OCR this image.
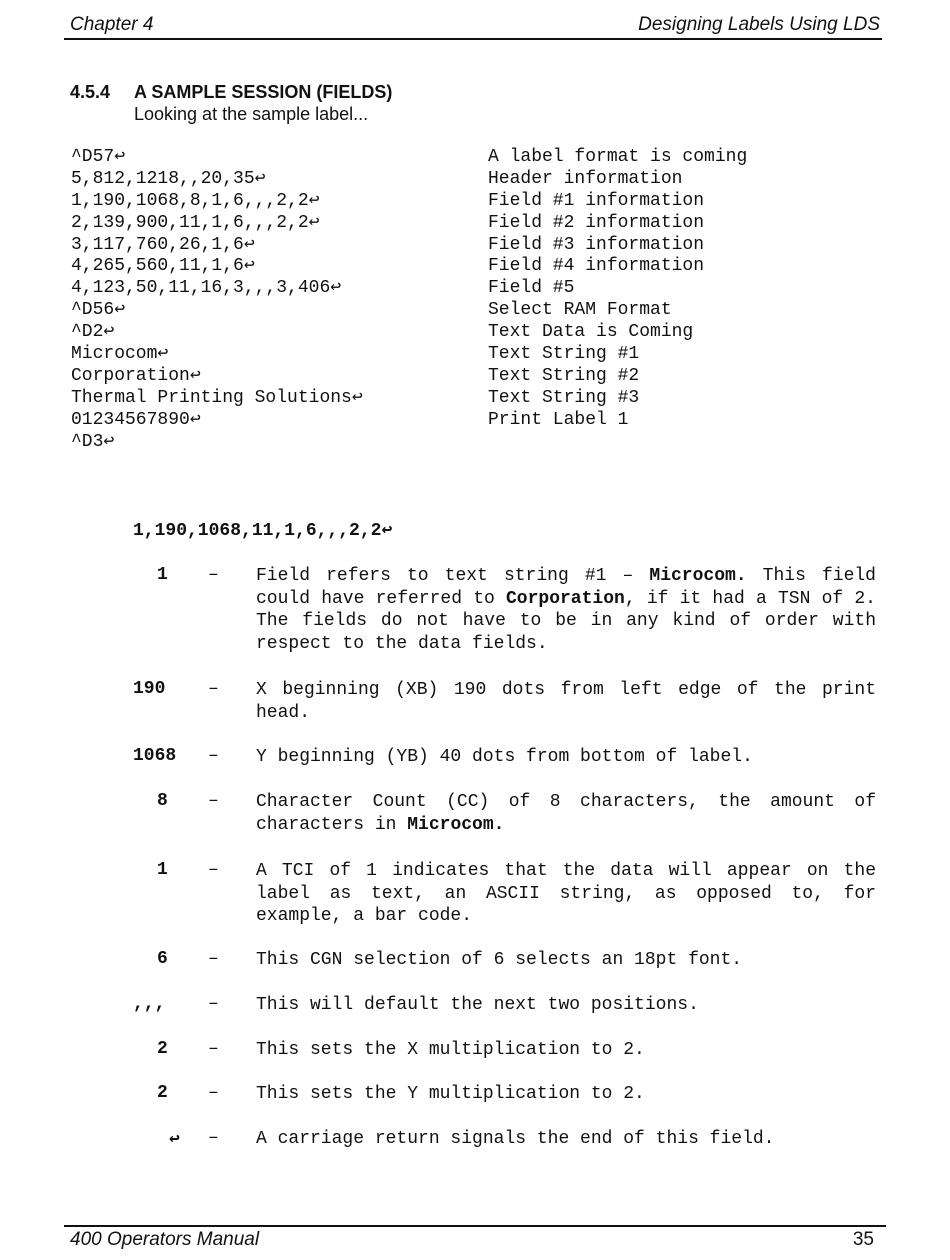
Chapter 4	Designing Labels Using LDS
4.5.4 A SAMPLE SESSION (FIELDS)
Looking at the sample label...
^D57↩
5,812,1218,,20,35↩
1,190,1068,8,1,6,,,2,2↩
2,139,900,11,1,6,,,2,2↩
3,117,760,26,1,6↩
4,265,560,11,1,6↩
4,123,50,11,16,3,,,3,406↩
^D56↩
^D2↩
Microcom↩
Corporation↩
Thermal Printing Solutions↩
01234567890↩
^D3↩
A label format is coming
Header information
Field #1 information
Field #2 information
Field #3 information
Field #4 information
Field #5
Select RAM Format
Text Data is Coming
Text String #1
Text String #2
Text String #3
Print Label 1
1,190,1068,11,1,6,,,2,2↩
1 – Field refers to text string #1 – Microcom. This field could have referred to Corporation, if it had a TSN of 2. The fields do not have to be in any kind of order with respect to the data fields.
190 – X beginning (XB) 190 dots from left edge of the print head.
1068 – Y beginning (YB) 40 dots from bottom of label.
8 – Character Count (CC) of 8 characters, the amount of characters in Microcom.
1 – A TCI of 1 indicates that the data will appear on the label as text, an ASCII string, as opposed to, for example, a bar code.
6 – This CGN selection of 6 selects an 18pt font.
,,, – This will default the next two positions.
2 – This sets the X multiplication to 2.
2 – This sets the Y multiplication to 2.
↩ – A carriage return signals the end of this field.
400 Operators Manual	35
